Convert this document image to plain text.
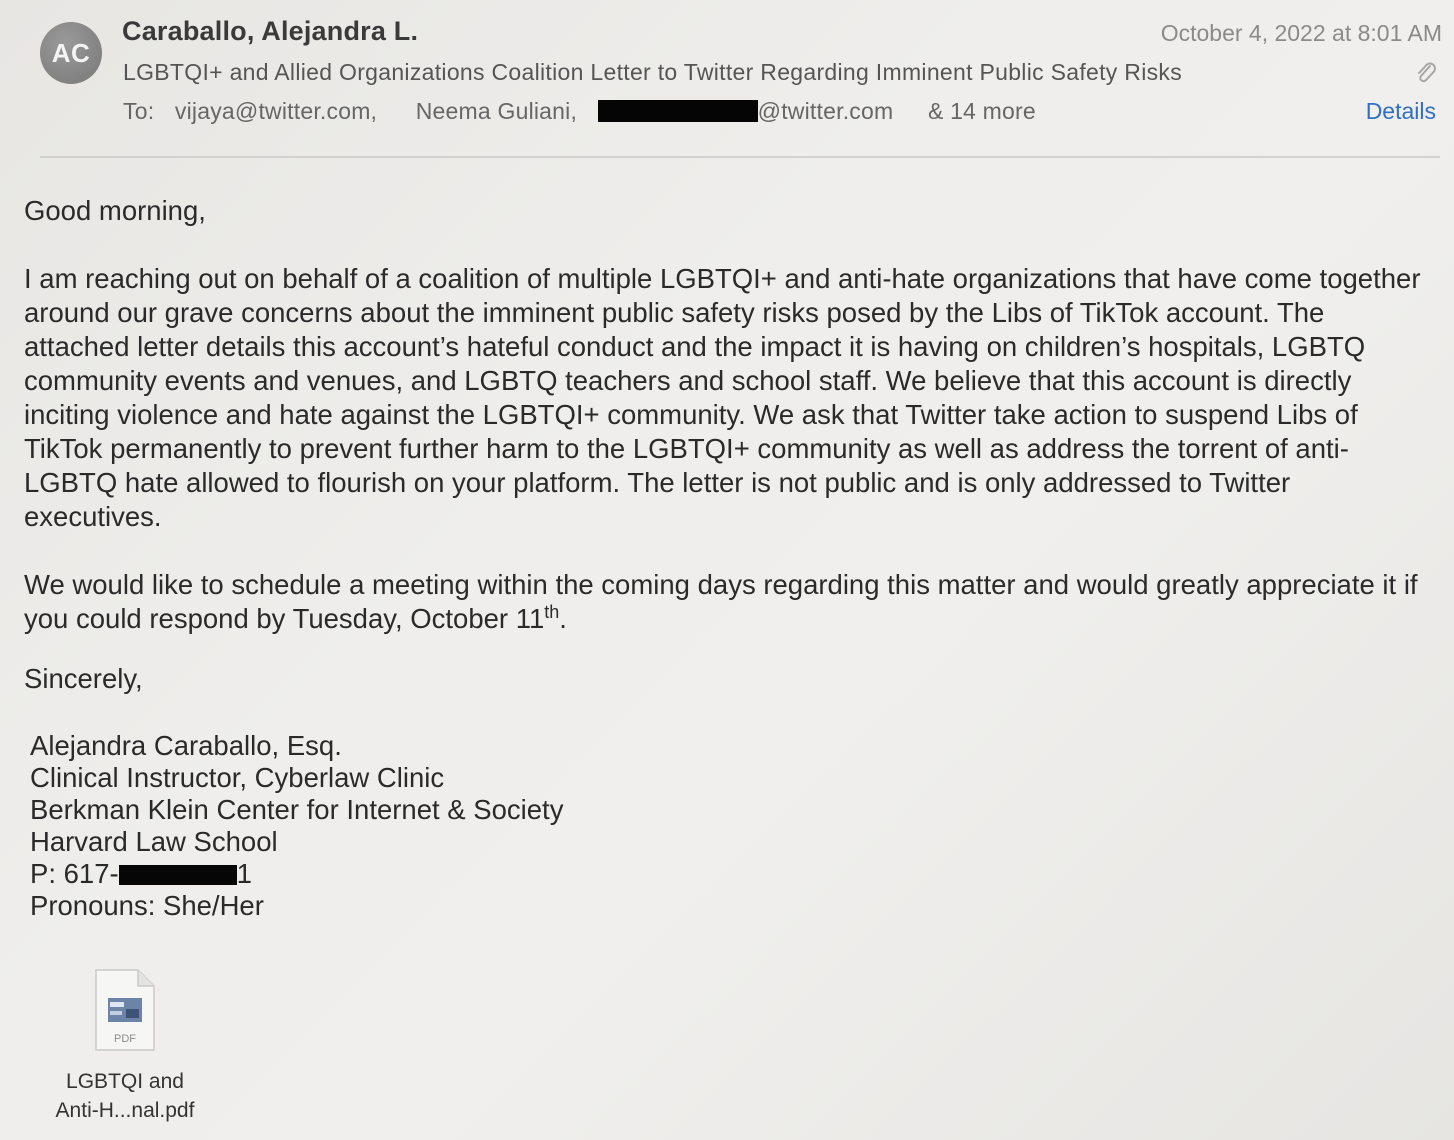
AC
Caraballo, Alejandra L.	October 4, 2022 at 8:01 AM
LGBTQI+ and Allied Organizations Coalition Letter to Twitter Regarding Imminent Public Safety Risks
To: vijaya@twitter.com, Neema Guliani,	@twitter.com & 14 more	Details

Good morning,

I am reaching out on behalf of a coalition of multiple LGBTQI+ and anti-hate organizations that have come together around our grave concerns about the imminent public safety risks posed by the Libs of TikTok account. The attached letter details this account’s hateful conduct and the impact it is having on children’s hospitals, LGBTQ community events and venues, and LGBTQ teachers and school staff. We believe that this account is directly inciting violence and hate against the LGBTQI+ community. We ask that Twitter take action to suspend Libs of TikTok permanently to prevent further harm to the LGBTQI+ community as well as address the torrent of anti-LGBTQ hate allowed to flourish on your platform. The letter is not public and is only addressed to Twitter executives.

We would like to schedule a meeting within the coming days regarding this matter and would greatly appreciate it if you could respond by Tuesday, October 11th.

Sincerely,

Alejandra Caraballo, Esq.
Clinical Instructor, Cyberlaw Clinic
Berkman Klein Center for Internet & Society
Harvard Law School
P: 617-	1
Pronouns: She/Her
PDF
LGBTQI and
Anti-H...nal.pdf
